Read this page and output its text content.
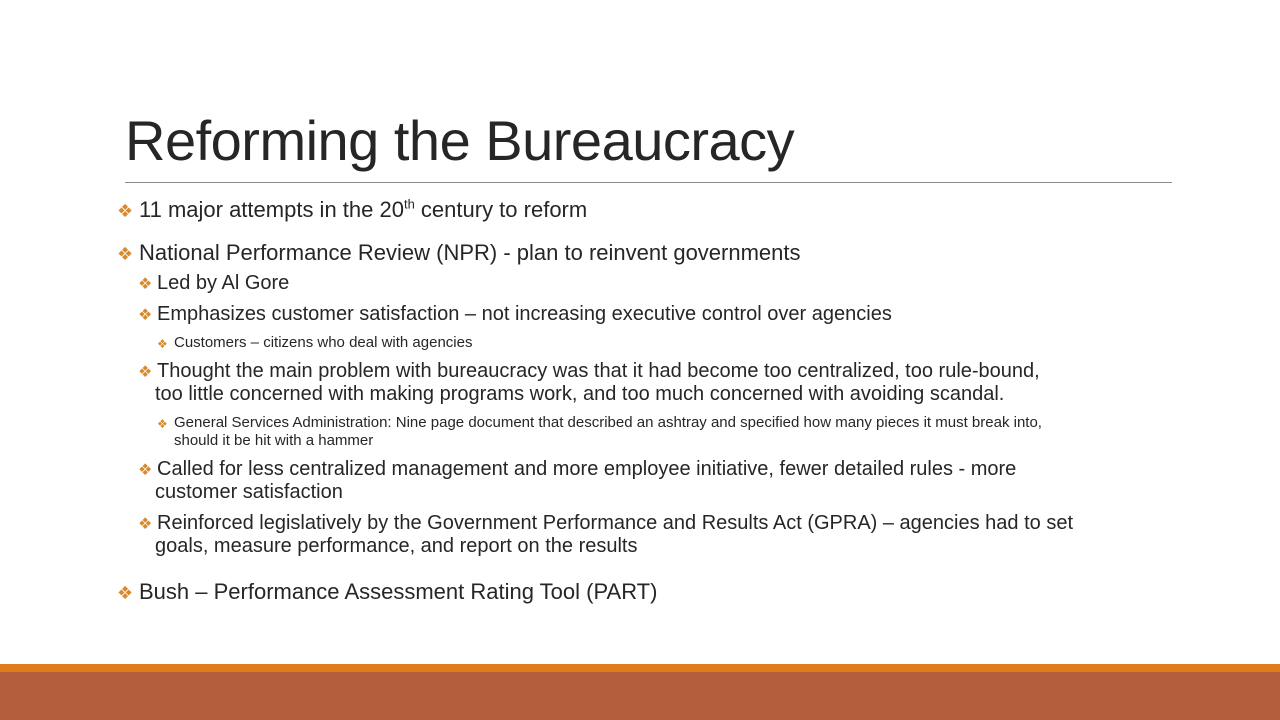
Reforming the Bureaucracy
❖ 11 major attempts in the 20th century to reform
❖ National Performance Review (NPR) - plan to reinvent governments
❖ Led by Al Gore
❖ Emphasizes customer satisfaction – not increasing executive control over agencies
❖ Customers – citizens who deal with agencies
❖ Thought the main problem with bureaucracy was that it had become too centralized, too rule-bound,
too little concerned with making programs work, and too much concerned with avoiding scandal.
❖ General Services Administration: Nine page document that described an ashtray and specified how many pieces it must break into,
should it be hit with a hammer
❖ Called for less centralized management and more employee initiative, fewer detailed rules - more
customer satisfaction
❖ Reinforced legislatively by the Government Performance and Results Act (GPRA) – agencies had to set
goals, measure performance, and report on the results
❖ Bush – Performance Assessment Rating Tool (PART)
